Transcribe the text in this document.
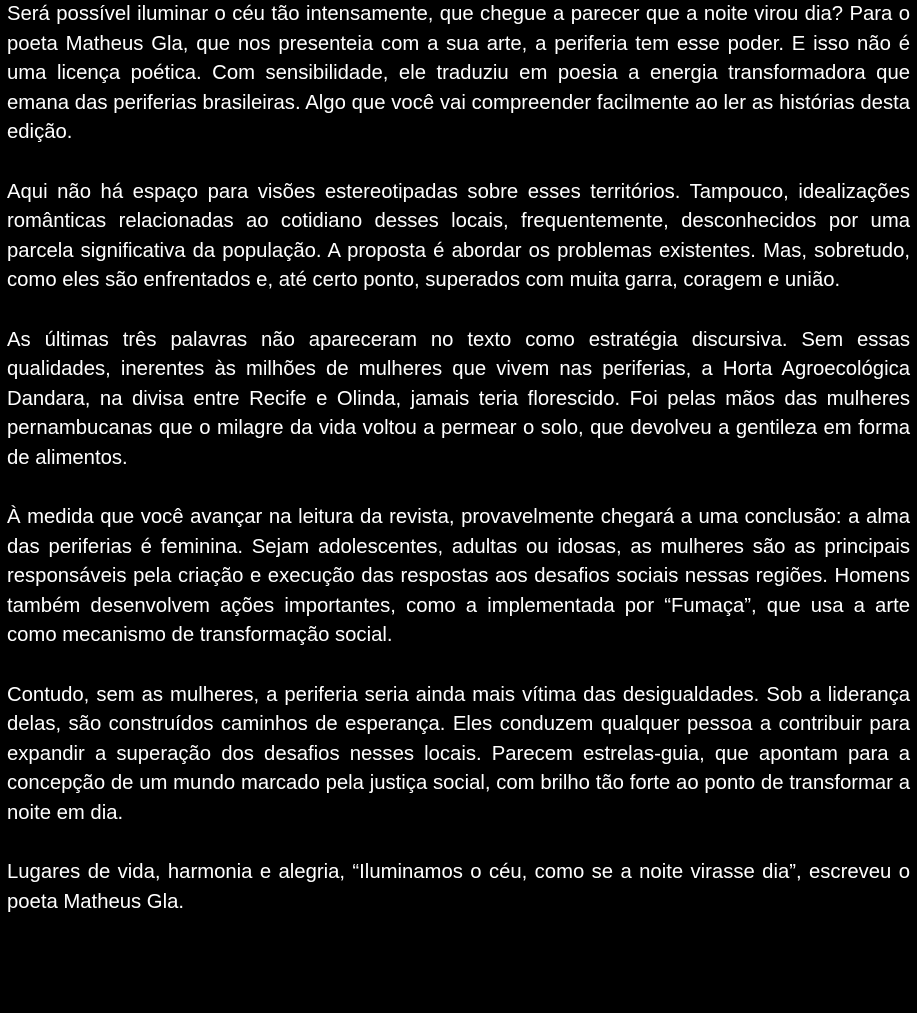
Será possível iluminar o céu tão intensamente, que chegue a parecer que a noite virou dia? Para o poeta Matheus Gla, que nos presenteia com a sua arte, a periferia tem esse poder. E isso não é uma licença poética. Com sensibilidade, ele traduziu em poesia a energia transformadora que emana das periferias brasileiras. Algo que você vai compreender facilmente ao ler as histórias desta edição.

Aqui não há espaço para visões estereotipadas sobre esses territórios. Tampouco, idealizações românticas relacionadas ao cotidiano desses locais, frequentemente, desconhecidos por uma parcela significativa da população. A proposta é abordar os problemas existentes. Mas, sobretudo, como eles são enfrentados e, até certo ponto, superados com muita garra, coragem e união.

As últimas três palavras não apareceram no texto como estratégia discursiva. Sem essas qualidades, inerentes às milhões de mulheres que vivem nas periferias, a Horta Agroecológica Dandara, na divisa entre Recife e Olinda, jamais teria florescido. Foi pelas mãos das mulheres pernambucanas que o milagre da vida voltou a permear o solo, que devolveu a gentileza em forma de alimentos.

À medida que você avançar na leitura da revista, provavelmente chegará a uma conclusão: a alma das periferias é feminina. Sejam adolescentes, adultas ou idosas, as mulheres são as principais responsáveis pela criação e execução das respostas aos desafios sociais nessas regiões. Homens também desenvolvem ações importantes, como a implementada por “Fumaça”, que usa a arte como mecanismo de transformação social.

Contudo, sem as mulheres, a periferia seria ainda mais vítima das desigualdades. Sob a liderança delas, são construídos caminhos de esperança. Eles conduzem qualquer pessoa a contribuir para expandir a superação dos desafios nesses locais. Parecem estrelas-guia, que apontam para a concepção de um mundo marcado pela justiça social, com brilho tão forte ao ponto de transformar a noite em dia.

Lugares de vida, harmonia e alegria, “Iluminamos o céu, como se a noite virasse dia”, escreveu o poeta Matheus Gla.
